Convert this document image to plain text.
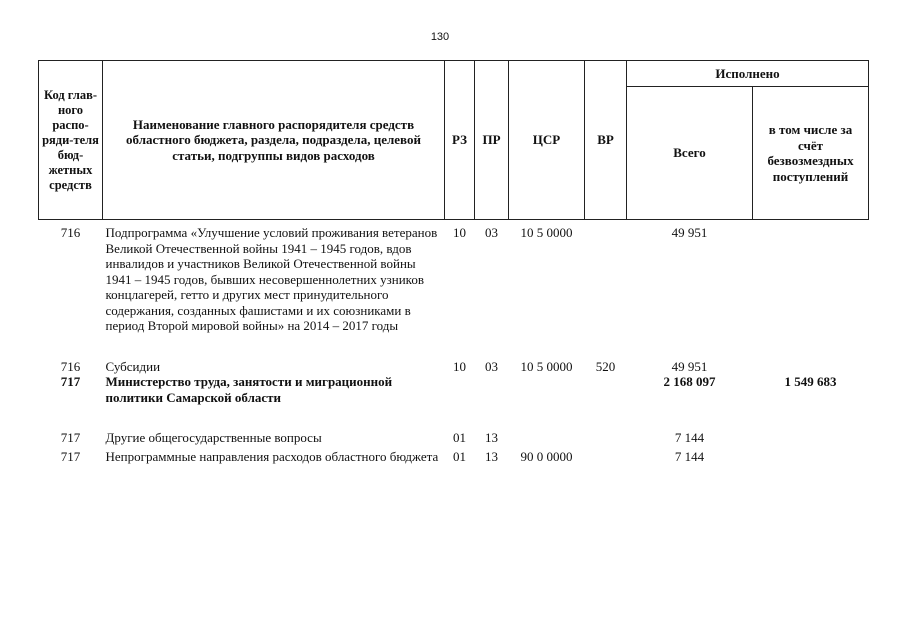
130
Код глав-ного распо-ряди-теля бюд-жетных средств	Наименование главного распорядителя средств областного бюджета, раздела, подраздела, целевой статьи, подгруппы видов расходов	РЗ	ПР	ЦСР	ВР	Исполнено	
						Всего	в том числе за счёт безвозмездных поступлений
716	Подпрограмма «Улучшение условий проживания ветеранов Великой Отечественной войны 1941 – 1945 годов, вдов инвалидов и участников Великой Отечественной войны 1941 – 1945 годов, бывших несовершеннолетних узников концлагерей, гетто и других мест принудительного содержания, созданных фашистами и их союзниками в период Второй мировой войны» на 2014 – 2017 годы	10	03	10 5 0000		49 951	

716	Субсидии	10	03	10 5 0000	520	49 951	
717	Министерство труда, занятости и миграционной политики Самарской области					2 168 097	1 549 683

717	Другие общегосударственные вопросы	01	13			7 144	
717	Непрограммные направления расходов областного бюджета	01	13	90 0 0000		7 144	
